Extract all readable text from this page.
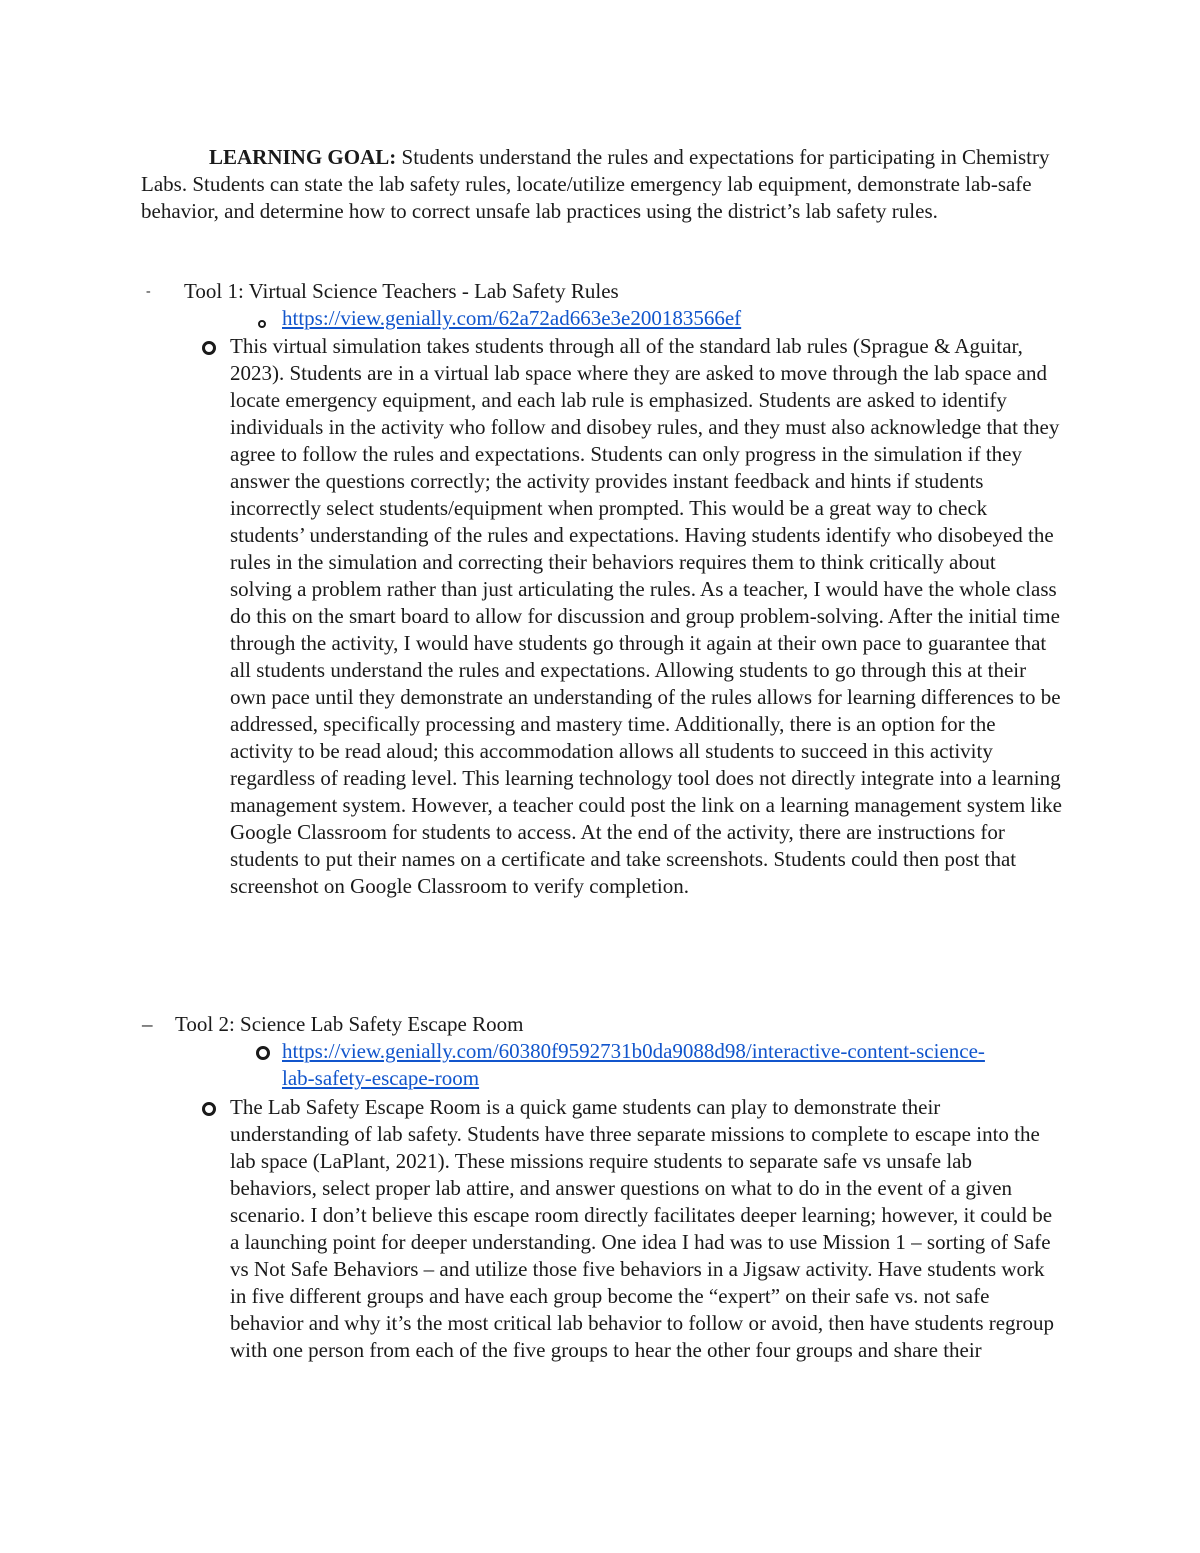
LEARNING GOAL: Students understand the rules and expectations for participating in Chemistry Labs. Students can state the lab safety rules, locate/utilize emergency lab equipment, demonstrate lab-safe behavior, and determine how to correct unsafe lab practices using the district’s lab safety rules.
- Tool 1: Virtual Science Teachers - Lab Safety Rules
https://view.genially.com/62a72ad663e3e200183566ef
This virtual simulation takes students through all of the standard lab rules (Sprague & Aguitar, 2023). Students are in a virtual lab space where they are asked to move through the lab space and locate emergency equipment, and each lab rule is emphasized. Students are asked to identify individuals in the activity who follow and disobey rules, and they must also acknowledge that they agree to follow the rules and expectations. Students can only progress in the simulation if they answer the questions correctly; the activity provides instant feedback and hints if students incorrectly select students/equipment when prompted. This would be a great way to check students’ understanding of the rules and expectations. Having students identify who disobeyed the rules in the simulation and correcting their behaviors requires them to think critically about solving a problem rather than just articulating the rules. As a teacher, I would have the whole class do this on the smart board to allow for discussion and group problem-solving. After the initial time through the activity, I would have students go through it again at their own pace to guarantee that all students understand the rules and expectations. Allowing students to go through this at their own pace until they demonstrate an understanding of the rules allows for learning differences to be addressed, specifically processing and mastery time. Additionally, there is an option for the activity to be read aloud; this accommodation allows all students to succeed in this activity regardless of reading level. This learning technology tool does not directly integrate into a learning management system. However, a teacher could post the link on a learning management system like Google Classroom for students to access. At the end of the activity, there are instructions for students to put their names on a certificate and take screenshots. Students could then post that screenshot on Google Classroom to verify completion.
– Tool 2: Science Lab Safety Escape Room
https://view.genially.com/60380f9592731b0da9088d98/interactive-content-science-lab-safety-escape-room
The Lab Safety Escape Room is a quick game students can play to demonstrate their understanding of lab safety. Students have three separate missions to complete to escape into the lab space (LaPlant, 2021). These missions require students to separate safe vs unsafe lab behaviors, select proper lab attire, and answer questions on what to do in the event of a given scenario. I don’t believe this escape room directly facilitates deeper learning; however, it could be a launching point for deeper understanding. One idea I had was to use Mission 1 – sorting of Safe vs Not Safe Behaviors – and utilize those five behaviors in a Jigsaw activity. Have students work in five different groups and have each group become the “expert” on their safe vs. not safe behavior and why it’s the most critical lab behavior to follow or avoid, then have students regroup with one person from each of the five groups to hear the other four groups and share their
